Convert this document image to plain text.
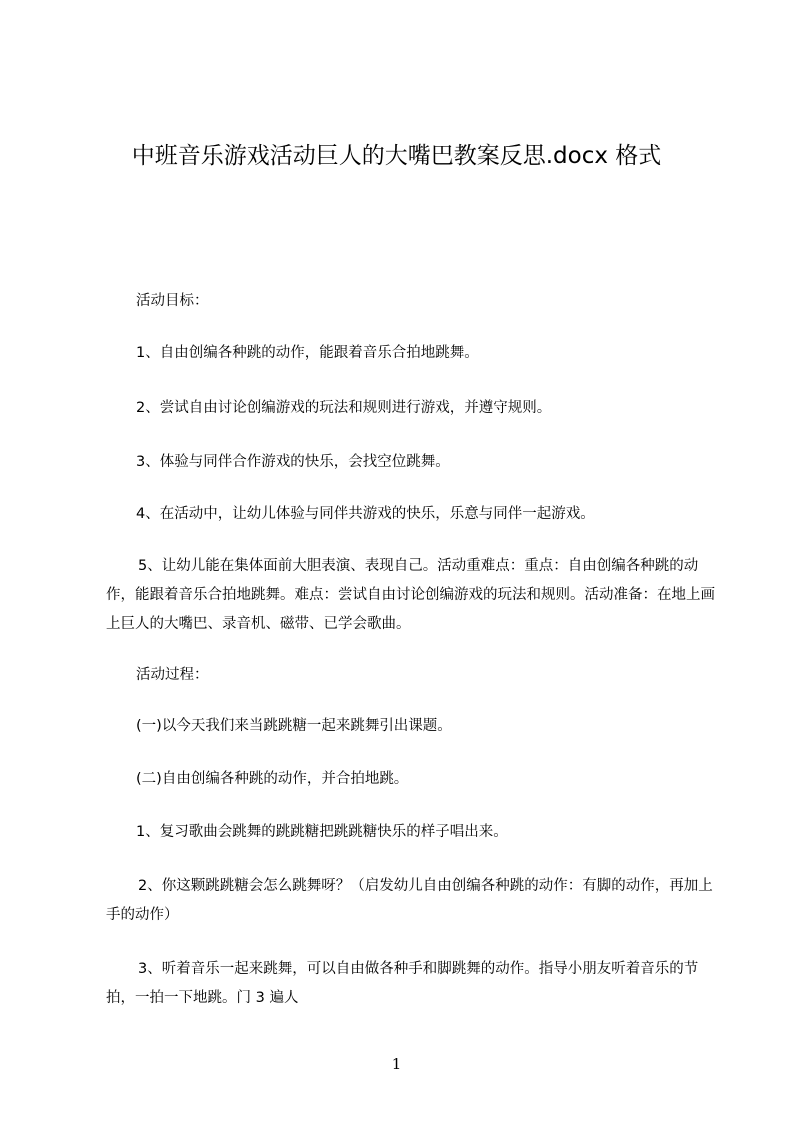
中班音乐游戏活动巨人的大嘴巴教案反思.docx 格式
活动目标：
1、自由创编各种跳的动作，能跟着音乐合拍地跳舞。
2、尝试自由讨论创编游戏的玩法和规则进行游戏，并遵守规则。
3、体验与同伴合作游戏的快乐，会找空位跳舞。
4、在活动中，让幼儿体验与同伴共游戏的快乐，乐意与同伴一起游戏。
5、让幼儿能在集体面前大胆表演、表现自己。活动重难点：重点：自由创编各种跳的动作，能跟着音乐合拍地跳舞。难点：尝试自由讨论创编游戏的玩法和规则。活动准备：在地上画上巨人的大嘴巴、录音机、磁带、已学会歌曲。
活动过程：
(一)以今天我们来当跳跳糖一起来跳舞引出课题。
(二)自由创编各种跳的动作，并合拍地跳。
1、复习歌曲会跳舞的跳跳糖把跳跳糖快乐的样子唱出来。
2、你这颗跳跳糖会怎么跳舞呀？（启发幼儿自由创编各种跳的动作：有脚的动作，再加上手的动作）
3、听着音乐一起来跳舞，可以自由做各种手和脚跳舞的动作。指导小朋友听着音乐的节拍，一拍一下地跳。门 3 遍人
1
